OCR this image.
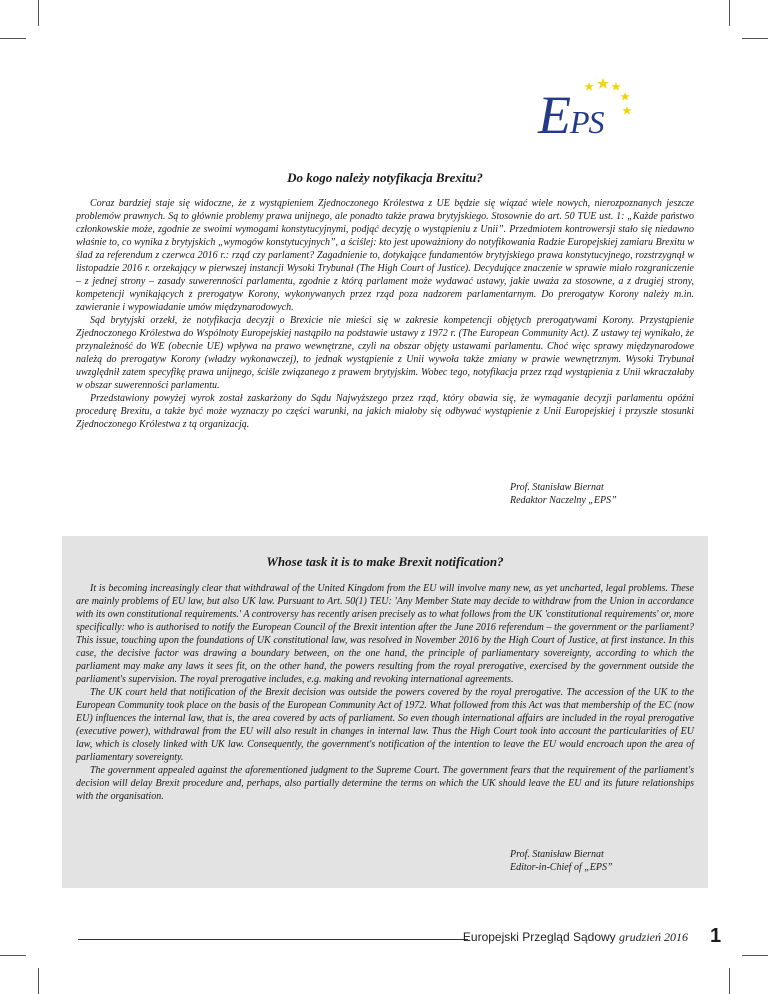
EPS
Do kogo należy notyfikacja Brexitu?

Coraz bardziej staje się widoczne, że z wystąpieniem Zjednoczonego Królestwa z UE będzie się wiązać wiele nowych, nierozpoznanych jeszcze problemów prawnych. Są to głównie problemy prawa unijnego, ale ponadto także prawa brytyjskiego. Stosownie do art. 50 TUE ust. 1: „Każde państwo członkowskie może, zgodnie ze swoimi wymogami konstytucyjnymi, podjąć decyzję o wystąpieniu z Unii”. Przedmiotem kontrowersji stało się niedawno właśnie to, co wynika z brytyjskich „wymogów konstytucyjnych”, a ściślej: kto jest upoważniony do notyfikowania Radzie Europejskiej zamiaru Brexitu w ślad za referendum z czerwca 2016 r.: rząd czy parlament? Zagadnienie to, dotykające fundamentów brytyjskiego prawa konstytucyjnego, rozstrzygnął w listopadzie 2016 r. orzekający w pierwszej instancji Wysoki Trybunał (The High Court of Justice). Decydujące znaczenie w sprawie miało rozgraniczenie – z jednej strony – zasady suwerenności parlamentu, zgodnie z którą parlament może wydawać ustawy, jakie uważa za stosowne, a z drugiej strony, kompetencji wynikających z prerogatyw Korony, wykonywanych przez rząd poza nadzorem parlamentarnym. Do prerogatyw Korony należy m.in. zawieranie i wypowiadanie umów międzynarodowych.

Sąd brytyjski orzekł, że notyfikacja decyzji o Brexicie nie mieści się w zakresie kompetencji objętych prerogatywami Korony. Przystąpienie Zjednoczonego Królestwa do Wspólnoty Europejskiej nastąpiło na podstawie ustawy z 1972 r. (The European Community Act). Z ustawy tej wynikało, że przynależność do WE (obecnie UE) wpływa na prawo wewnętrzne, czyli na obszar objęty ustawami parlamentu. Choć więc sprawy międzynarodowe należą do prerogatyw Korony (władzy wykonawczej), to jednak wystąpienie z Unii wywoła także zmiany w prawie wewnętrznym. Wysoki Trybunał uwzględnił zatem specyfikę prawa unijnego, ściśle związanego z prawem brytyjskim. Wobec tego, notyfikacja przez rząd wystąpienia z Unii wkraczałaby w obszar suwerenności parlamentu.

Przedstawiony powyżej wyrok został zaskarżony do Sądu Najwyższego przez rząd, który obawia się, że wymaganie decyzji parlamentu opóźni procedurę Brexitu, a także być może wyznaczy po części warunki, na jakich miałoby się odbywać wystąpienie z Unii Europejskiej i przyszłe stosunki Zjednoczonego Królestwa z tą organizacją.

Prof. Stanisław Biernat
Redaktor Naczelny „EPS”
Whose task it is to make Brexit notification?

It is becoming increasingly clear that withdrawal of the United Kingdom from the EU will involve many new, as yet uncharted, legal problems. These are mainly problems of EU law, but also UK law. Pursuant to Art. 50(1) TEU: 'Any Member State may decide to withdraw from the Union in accordance with its own constitutional requirements.' A controversy has recently arisen precisely as to what follows from the UK 'constitutional requirements' or, more specifically: who is authorised to notify the European Council of the Brexit intention after the June 2016 referendum – the government or the parliament? This issue, touching upon the foundations of UK constitutional law, was resolved in November 2016 by the High Court of Justice, at first instance. In this case, the decisive factor was drawing a boundary between, on the one hand, the principle of parliamentary sovereignty, according to which the parliament may make any laws it sees fit, on the other hand, the powers resulting from the royal prerogative, exercised by the government outside the parliament's supervision. The royal prerogative includes, e.g. making and revoking international agreements.

The UK court held that notification of the Brexit decision was outside the powers covered by the royal prerogative. The accession of the UK to the European Community took place on the basis of the European Community Act of 1972. What followed from this Act was that membership of the EC (now EU) influences the internal law, that is, the area covered by acts of parliament. So even though international affairs are included in the royal prerogative (executive power), withdrawal from the EU will also result in changes in internal law. Thus the High Court took into account the particularities of EU law, which is closely linked with UK law. Consequently, the government's notification of the intention to leave the EU would encroach upon the area of parliamentary sovereignty.

The government appealed against the aforementioned judgment to the Supreme Court. The government fears that the requirement of the parliament's decision will delay Brexit procedure and, perhaps, also partially determine the terms on which the UK should leave the EU and its future relationships with the organisation.

Prof. Stanisław Biernat
Editor-in-Chief of „EPS”
Europejski Przegląd Sądowy grudzień 2016 1
